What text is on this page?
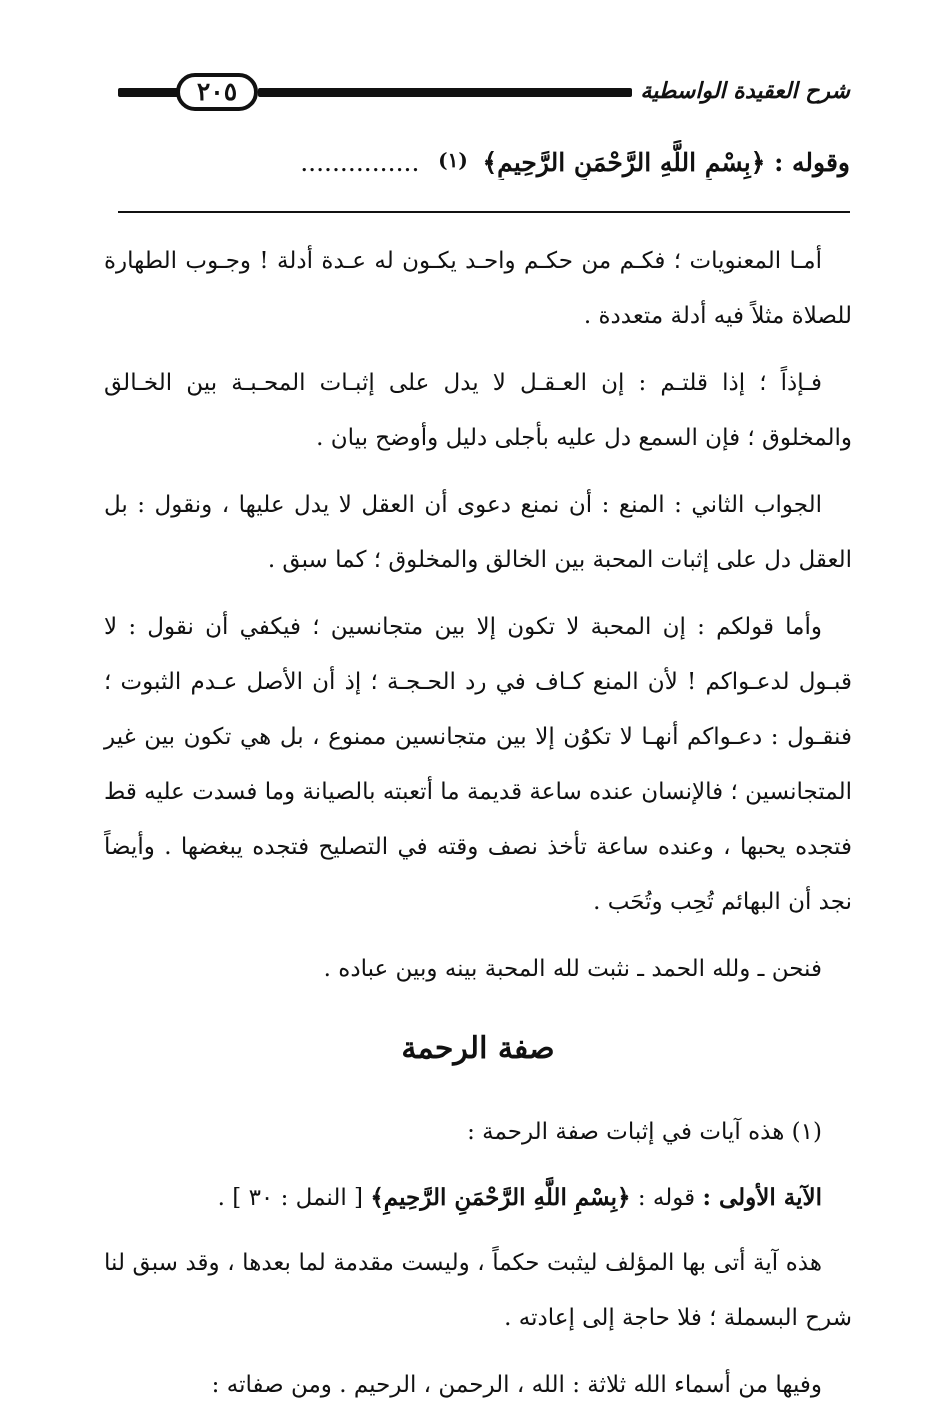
شرح العقيدة الواسطية
٢٠٥
وقوله : ﴿بِسْمِ اللَّهِ الرَّحْمَنِ الرَّحِيمِ﴾ (١) ...............

أمـا المعنويات ؛ فكـم من حكـم واحـد يكـون له عـدة أدلة ! وجـوب الطهارة للصلاة مثلاً فيه أدلة متعددة .

فـإذاً ؛ إذا قلتـم : إن العـقـل لا يدل على إثبـات المحـبـة بين الخـالق والمخلوق ؛ فإن السمع دل عليه بأجلى دليل وأوضح بيان .

الجواب الثاني : المنع : أن نمنع دعوى أن العقل لا يدل عليها ، ونقول : بل العقل دل على إثبات المحبة بين الخالق والمخلوق ؛ كما سبق .

وأما قولكم : إن المحبة لا تكون إلا بين متجانسين ؛ فيكفي أن نقول : لا قبـول لدعـواكم ! لأن المنع كـاف في رد الحـجـة ؛ إذ أن الأصل عـدم الثبوت ؛ فنقـول : دعـواكم أنهـا لا تكوُن إلا بين متجانسين ممنوع ، بل هي تكون بين غير المتجانسين ؛ فالإنسان عنده ساعة قديمة ما أتعبته بالصيانة وما فسدت عليه قط فتجده يحبها ، وعنده ساعة تأخذ نصف وقته في التصليح فتجده يبغضها . وأيضاً نجد أن البهائم تُحِب وتُحَب .

فنحن ـ ولله الحمد ـ نثبت لله المحبة بينه وبين عباده .

صفة الرحمة

(١) هذه آيات في إثبات صفة الرحمة :

الآية الأولى : قوله : ﴿بِسْمِ اللَّهِ الرَّحْمَنِ الرَّحِيمِ﴾ [ النمل : ٣٠ ] .

هذه آية أتى بها المؤلف ليثبت حكماً ، وليست مقدمة لما بعدها ، وقد سبق لنا شرح البسملة ؛ فلا حاجة إلى إعادته .

وفيها من أسماء الله ثلاثة : الله ، الرحمن ، الرحيم . ومن صفاته :
